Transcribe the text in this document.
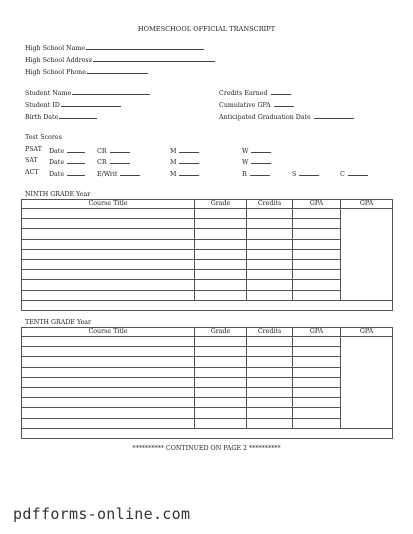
HOMESCHOOL OFFICIAL TRANSCRIPT
High School Name
High School Address
High School Phone
Student Name
Student ID
Birth Date
Credits Earned
Cumulative GPA
Anticipated Graduation Date
Test Scores
PSAT Date	CR	M	W
SAT Date	CR	M	W
ACT Date	E/Writ	M	R	S	C
NINTH GRADE Year
Course Title	Grade	Credits	GPA	GPA

TENTH GRADE Year
Course Title	Grade	Credits	GPA	GPA

********** CONTINUED ON PAGE 2 **********
pdfforms-online.com
